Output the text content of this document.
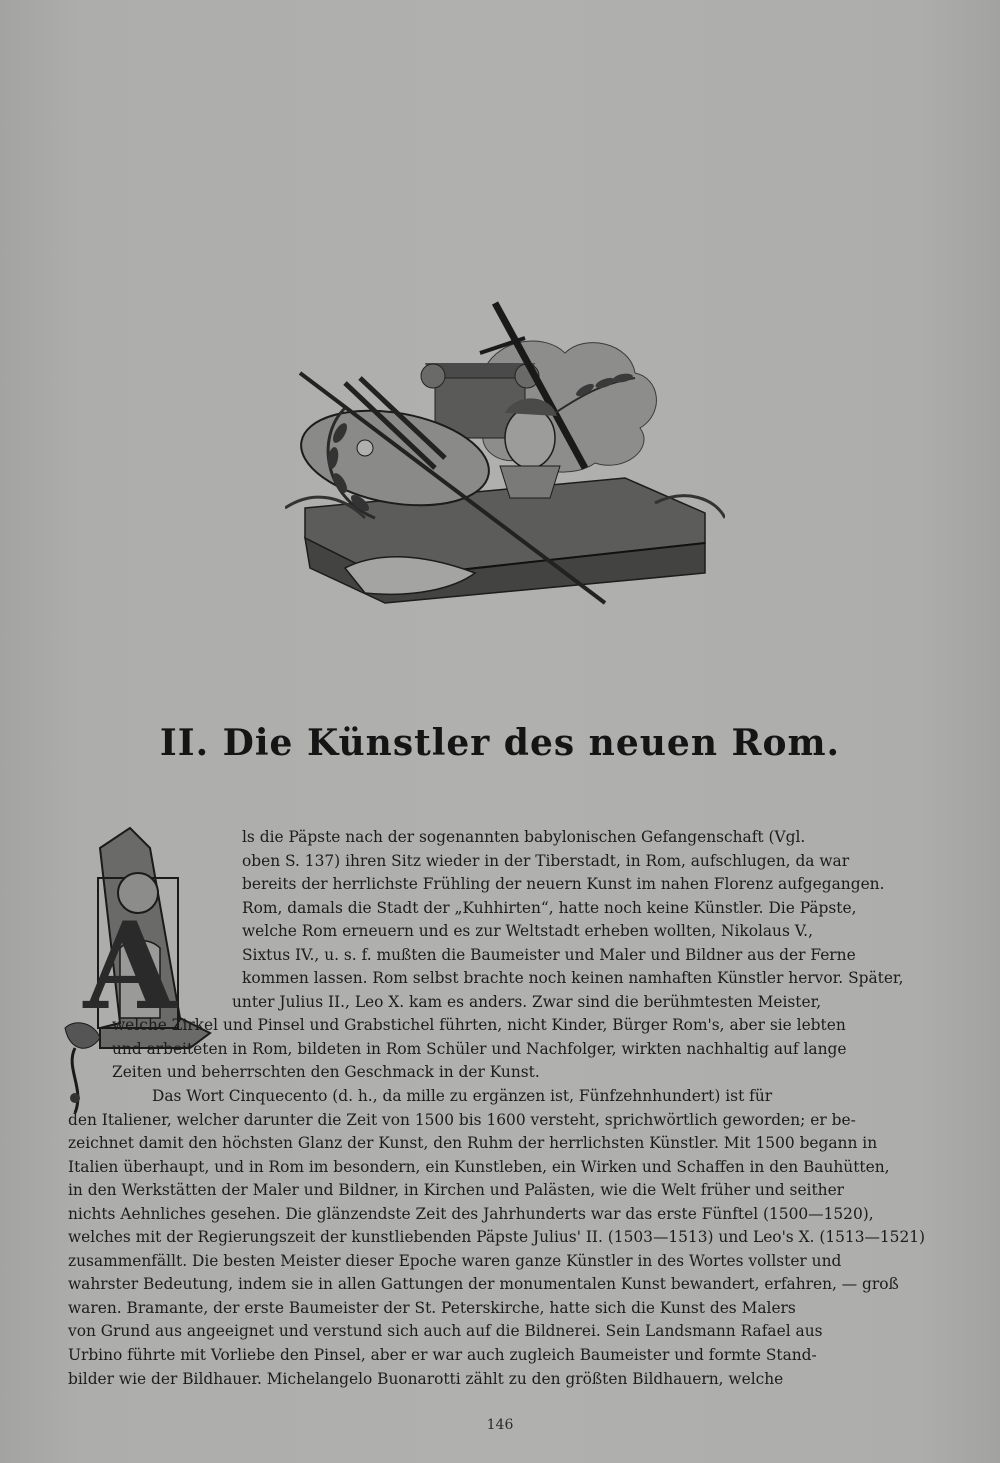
II. Die Künstler des neuen Rom.
A
ls die Päpste nach der sogenannten babylonischen Gefangenschaft (Vgl.
oben S. 137) ihren Sitz wieder in der Tiberstadt, in Rom, aufschlugen, da war
bereits der herrlichste Frühling der neuern Kunst im nahen Florenz aufgegangen.
Rom, damals die Stadt der „Kuhhirten“, hatte noch keine Künstler. Die Päpste,
welche Rom erneuern und es zur Weltstadt erheben wollten, Nikolaus V.,
Sixtus IV., u. s. f. mußten die Baumeister und Maler und Bildner aus der Ferne
kommen lassen. Rom selbst brachte noch keinen namhaften Künstler hervor. Später,
unter Julius II., Leo X. kam es anders. Zwar sind die berühmtesten Meister,
welche Zirkel und Pinsel und Grabstichel führten, nicht Kinder, Bürger Rom's, aber sie lebten
und arbeiteten in Rom, bildeten in Rom Schüler und Nachfolger, wirkten nachhaltig auf lange
Zeiten und beherrschten den Geschmack in der Kunst.
Das Wort Cinquecento (d. h., da mille zu ergänzen ist, Fünfzehnhundert) ist für
den Italiener, welcher darunter die Zeit von 1500 bis 1600 versteht, sprichwörtlich geworden; er be-
zeichnet damit den höchsten Glanz der Kunst, den Ruhm der herrlichsten Künstler. Mit 1500 begann in
Italien überhaupt, und in Rom im besondern, ein Kunstleben, ein Wirken und Schaffen in den Bauhütten,
in den Werkstätten der Maler und Bildner, in Kirchen und Palästen, wie die Welt früher und seither
nichts Aehnliches gesehen. Die glänzendste Zeit des Jahrhunderts war das erste Fünftel (1500—1520),
welches mit der Regierungszeit der kunstliebenden Päpste Julius' II. (1503—1513) und Leo's X. (1513—1521)
zusammenfällt. Die besten Meister dieser Epoche waren ganze Künstler in des Wortes vollster und
wahrster Bedeutung, indem sie in allen Gattungen der monumentalen Kunst bewandert, erfahren, — groß
waren. Bramante, der erste Baumeister der St. Peterskirche, hatte sich die Kunst des Malers
von Grund aus angeeignet und verstund sich auch auf die Bildnerei. Sein Landsmann Rafael aus
Urbino führte mit Vorliebe den Pinsel, aber er war auch zugleich Baumeister und formte Stand-
bilder wie der Bildhauer. Michelangelo Buonarotti zählt zu den größten Bildhauern, welche
146
